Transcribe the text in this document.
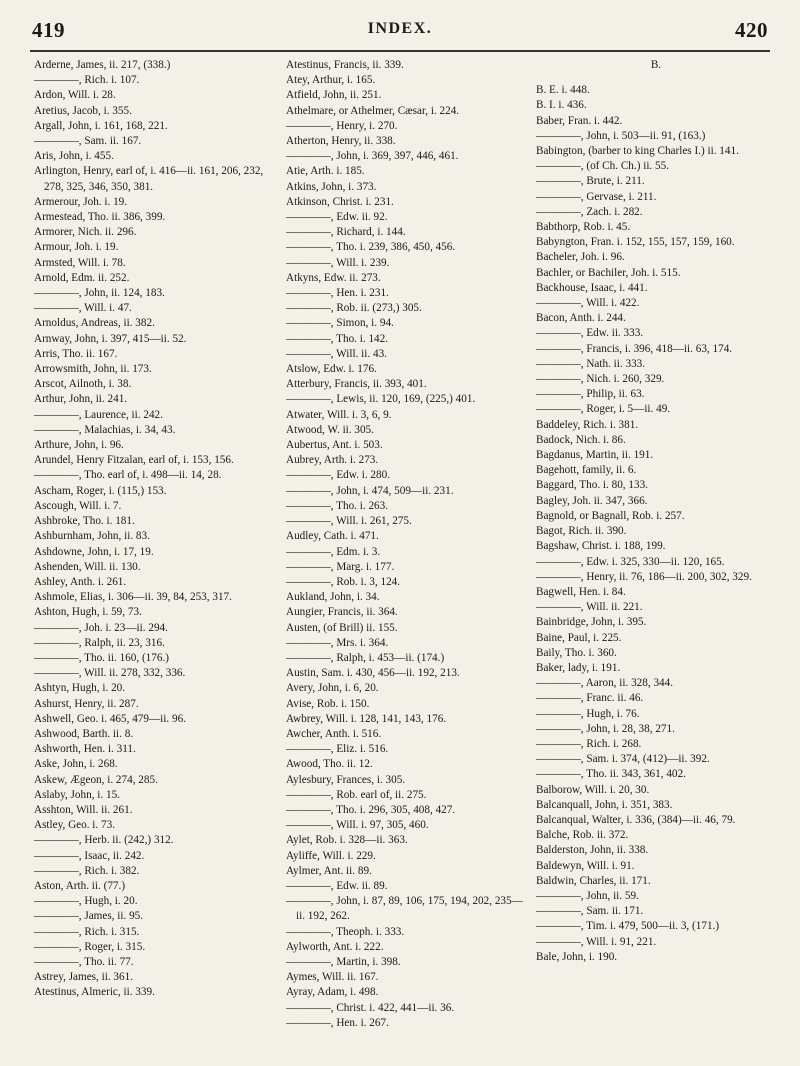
419	INDEX.	420
Arderne, James, ii. 217, (338.)
————, Rich. i. 107.
Ardon, Will. i. 28.
Aretius, Jacob, i. 355.
Argall, John, i. 161, 168, 221.
————, Sam. ii. 167.
Aris, John, i. 455.
Arlington, Henry, earl of, i. 416—ii. 161, 206, 232, 278, 325, 346, 350, 381.
Armerour, Joh. i. 19.
Armestead, Tho. ii. 386, 399.
Armorer, Nich. ii. 296.
Armour, Joh. i. 19.
Armsted, Will. i. 78.
Arnold, Edm. ii. 252.
————, John, ii. 124, 183.
————, Will. i. 47.
Arnoldus, Andreas, ii. 382.
Arnway, John, i. 397, 415—ii. 52.
Arris, Tho. ii. 167.
Arrowsmith, John, ii. 173.
Arscot, Ailnoth, i. 38.
Arthur, John, ii. 241.
————, Laurence, ii. 242.
————, Malachias, i. 34, 43.
Arthure, John, i. 96.
Arundel, Henry Fitzalan, earl of, i. 153, 156.
————, Tho. earl of, i. 498—ii. 14, 28.
Ascham, Roger, i. (115,) 153.
Ascough, Will. i. 7.
Ashbroke, Tho. i. 181.
Ashburnham, John, ii. 83.
Ashdowne, John, i. 17, 19.
Ashenden, Will. ii. 130.
Ashley, Anth. i. 261.
Ashmole, Elias, i. 306—ii. 39, 84, 253, 317.
Ashton, Hugh, i. 59, 73.
————, Joh. i. 23—ii. 294.
————, Ralph, ii. 23, 316.
————, Tho. ii. 160, (176.)
————, Will. ii. 278, 332, 336.
Ashtyn, Hugh, i. 20.
Ashurst, Henry, ii. 287.
Ashwell, Geo. i. 465, 479—ii. 96.
Ashwood, Barth. ii. 8.
Ashworth, Hen. i. 311.
Aske, John, i. 268.
Askew, Ægeon, i. 274, 285.
Aslaby, John, i. 15.
Asshton, Will. ii. 261.
Astley, Geo. i. 73.
————, Herb. ii. (242,) 312.
————, Isaac, ii. 242.
————, Rich. i. 382.
Aston, Arth. ii. (77.)
————, Hugh, i. 20.
————, James, ii. 95.
————, Rich. i. 315.
————, Roger, i. 315.
————, Tho. ii. 77.
Astrey, James, ii. 361.
Atestinus, Almeric, ii. 339.
Atestinus, Francis, ii. 339.
Atey, Arthur, i. 165.
Atfield, John, ii. 251.
Athelmare, or Athelmer, Cæsar, i. 224.
————, Henry, i. 270.
Atherton, Henry, ii. 338.
————, John, i. 369, 397, 446, 461.
Atie, Arth. i. 185.
Atkins, John, i. 373.
Atkinson, Christ. i. 231.
————, Edw. ii. 92.
————, Richard, i. 144.
————, Tho. i. 239, 386, 450, 456.
————, Will. i. 239.
Atkyns, Edw. ii. 273.
————, Hen. i. 231.
————, Rob. ii. (273,) 305.
————, Simon, i. 94.
————, Tho. i. 142.
————, Will. ii. 43.
Atslow, Edw. i. 176.
Atterbury, Francis, ii. 393, 401.
————, Lewis, ii. 120, 169, (225,) 401.
Atwater, Will. i. 3, 6, 9.
Atwood, W. ii. 305.
Aubertus, Ant. i. 503.
Aubrey, Arth. i. 273.
————, Edw. i. 280.
————, John, i. 474, 509—ii. 231.
————, Tho. i. 263.
————, Will. i. 261, 275.
Audley, Cath. i. 471.
————, Edm. i. 3.
————, Marg. i. 177.
————, Rob. i. 3, 124.
Aukland, John, i. 34.
Aungier, Francis, ii. 364.
Austen, (of Brill) ii. 155.
————, Mrs. i. 364.
————, Ralph, i. 453—ii. (174.)
Austin, Sam. i. 430, 456—ii. 192, 213.
Avery, John, i. 6, 20.
Avise, Rob. i. 150.
Awbrey, Will. i. 128, 141, 143, 176.
Awcher, Anth. i. 516.
————, Eliz. i. 516.
Awood, Tho. ii. 12.
Aylesbury, Frances, i. 305.
————, Rob. earl of, ii. 275.
————, Tho. i. 296, 305, 408, 427.
————, Will. i. 97, 305, 460.
Aylet, Rob. i. 328—ii. 363.
Ayliffe, Will. i. 229.
Aylmer, Ant. ii. 89.
————, Edw. ii. 89.
————, John, i. 87, 89, 106, 175, 194, 202, 235—ii. 192, 262.
————, Theoph. i. 333.
Aylworth, Ant. i. 222.
————, Martin, i. 398.
Aymes, Will. ii. 167.
Ayray, Adam, i. 498.
————, Christ. i. 422, 441—ii. 36.
————, Hen. i. 267.
B.
B. E. i. 448.
B. I. i. 436.
Baber, Fran. i. 442.
————, John, i. 503—ii. 91, (163.)
Babington, (barber to king Charles I.) ii. 141.
————, (of Ch. Ch.) ii. 55.
————, Brute, i. 211.
————, Gervase, i. 211.
————, Zach. i. 282.
Babthorp, Rob. i. 45.
Babyngton, Fran. i. 152, 155, 157, 159, 160.
Bacheler, Joh. i. 96.
Bachler, or Bachiler, Joh. i. 515.
Backhouse, Isaac, i. 441.
————, Will. i. 422.
Bacon, Anth. i. 244.
————, Edw. ii. 333.
————, Francis, i. 396, 418—ii. 63, 174.
————, Nath. ii. 333.
————, Nich. i. 260, 329.
————, Philip, ii. 63.
————, Roger, i. 5—ii. 49.
Baddeley, Rich. i. 381.
Badock, Nich. i. 86.
Bagdanus, Martin, ii. 191.
Bagehott, family, ii. 6.
Baggard, Tho. i. 80, 133.
Bagley, Joh. ii. 347, 366.
Bagnold, or Bagnall, Rob. i. 257.
Bagot, Rich. ii. 390.
Bagshaw, Christ. i. 188, 199.
————, Edw. i. 325, 330—ii. 120, 165.
————, Henry, ii. 76, 186—ii. 200, 302, 329.
Bagwell, Hen. i. 84.
————, Will. ii. 221.
Bainbridge, John, i. 395.
Baine, Paul, i. 225.
Baily, Tho. i. 360.
Baker, lady, i. 191.
————, Aaron, ii. 328, 344.
————, Franc. ii. 46.
————, Hugh, i. 76.
————, John, i. 28, 38, 271.
————, Rich. i. 268.
————, Sam. i. 374, (412)—ii. 392.
————, Tho. ii. 343, 361, 402.
Balborow, Will. i. 20, 30.
Balcanquall, John, i. 351, 383.
Balcanqual, Walter, i. 336, (384)—ii. 46, 79.
Balche, Rob. ii. 372.
Balderston, John, ii. 338.
Baldewyn, Will. i. 91.
Baldwin, Charles, ii. 171.
————, John, ii. 59.
————, Sam. ii. 171.
————, Tim. i. 479, 500—ii. 3, (171.)
————, Will. i. 91, 221.
Bale, John, i. 190.
